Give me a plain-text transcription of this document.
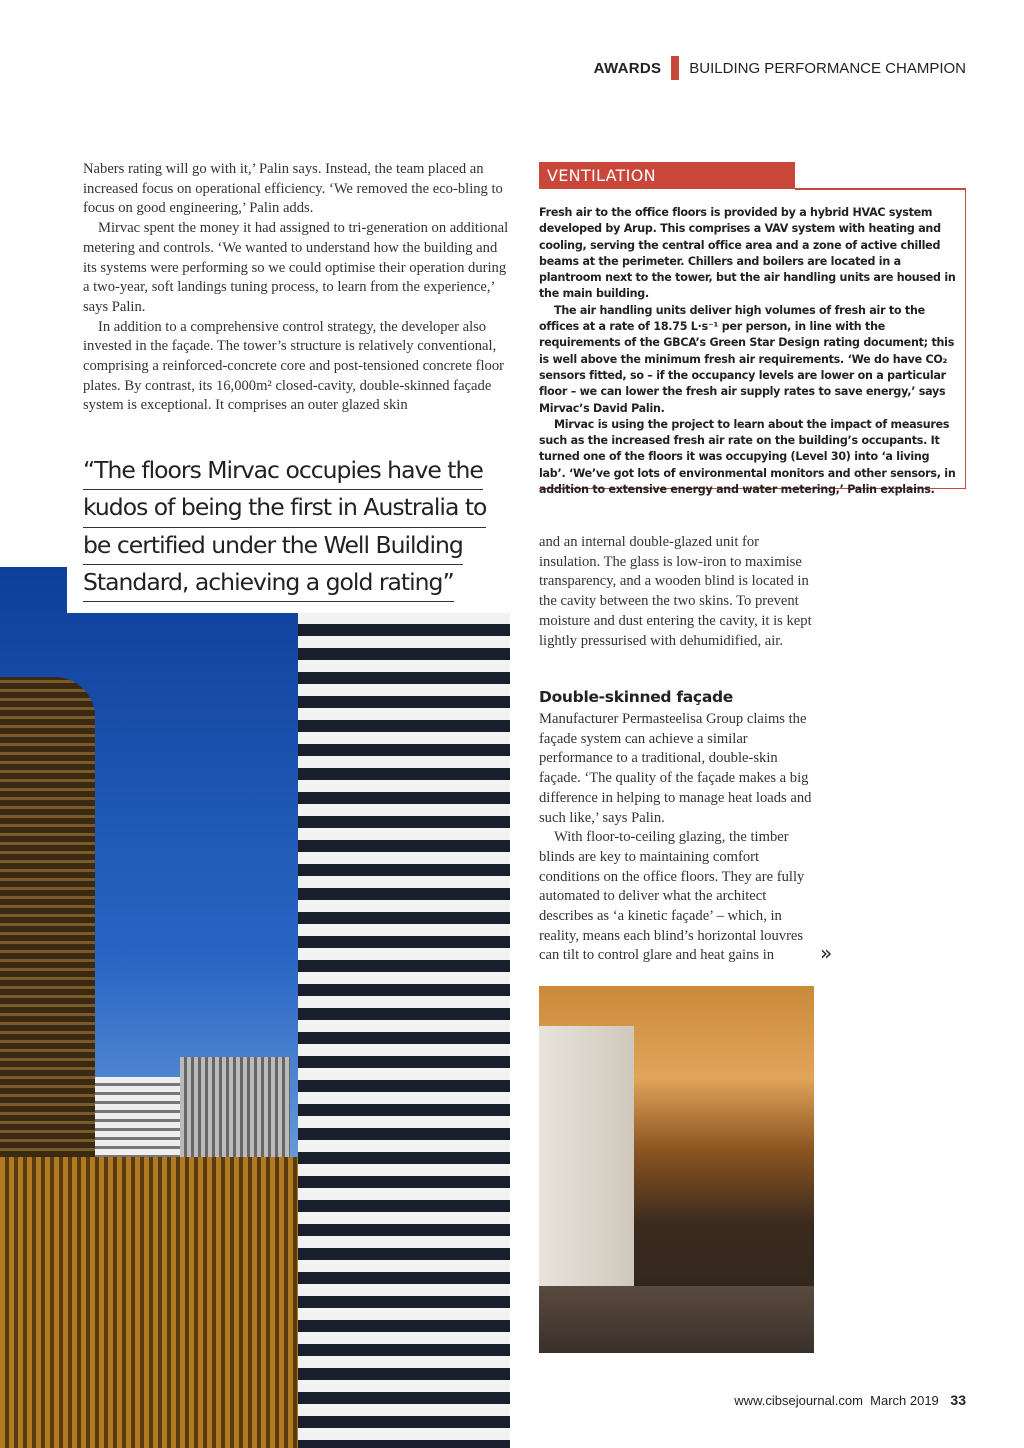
AWARDS BUILDING PERFORMANCE CHAMPION

Nabers rating will go with it,’ Palin says. Instead, the team placed an increased focus on operational efficiency. ‘We removed the eco-bling to focus on good engineering,’ Palin adds.

Mirvac spent the money it had assigned to tri-generation on additional metering and controls. ‘We wanted to understand how the building and its systems were performing so we could optimise their operation during a two-year, soft landings tuning process, to learn from the experience,’ says Palin.

In addition to a comprehensive control strategy, the developer also invested in the façade. The tower’s structure is relatively conventional, comprising a reinforced-concrete core and post-tensioned concrete floor plates. By contrast, its 16,000m² closed-cavity, double-skinned façade system is exceptional. It comprises an outer glazed skin

VENTILATION

Fresh air to the office floors is provided by a hybrid HVAC system developed by Arup. This comprises a VAV system with heating and cooling, serving the central office area and a zone of active chilled beams at the perimeter. Chillers and boilers are located in a plantroom next to the tower, but the air handling units are housed in the main building.

The air handling units deliver high volumes of fresh air to the offices at a rate of 18.75 L·s⁻¹ per person, in line with the requirements of the GBCA’s Green Star Design rating document; this is well above the minimum fresh air requirements. ‘We do have CO₂ sensors fitted, so – if the occupancy levels are lower on a particular floor – we can lower the fresh air supply rates to save energy,’ says Mirvac’s David Palin.

Mirvac is using the project to learn about the impact of measures such as the increased fresh air rate on the building’s occupants. It turned one of the floors it was occupying (Level 30) into ‘a living lab’. ‘We’ve got lots of environmental monitors and other sensors, in addition to extensive energy and water metering,’ Palin explains.

“The floors Mirvac occupies have the
kudos of being the first in Australia to
be certified under the Well Building
Standard, achieving a gold rating”

and an internal double-glazed unit for insulation. The glass is low-iron to maximise transparency, and a wooden blind is located in the cavity between the two skins. To prevent moisture and dust entering the cavity, it is kept lightly pressurised with dehumidified, air.

Double-skinned façade

Manufacturer Permasteelisa Group claims the façade system can achieve a similar performance to a traditional, double-skin façade. ‘The quality of the façade makes a big difference in helping to manage heat loads and such like,’ says Palin.

With floor-to-ceiling glazing, the timber blinds are key to maintaining comfort conditions on the office floors. They are fully automated to deliver what the architect describes as ‘a kinetic façade’ – which, in reality, means each blind’s horizontal louvres can tilt to control glare and heat gains in	»
www.cibsejournal.com March 2019 33
